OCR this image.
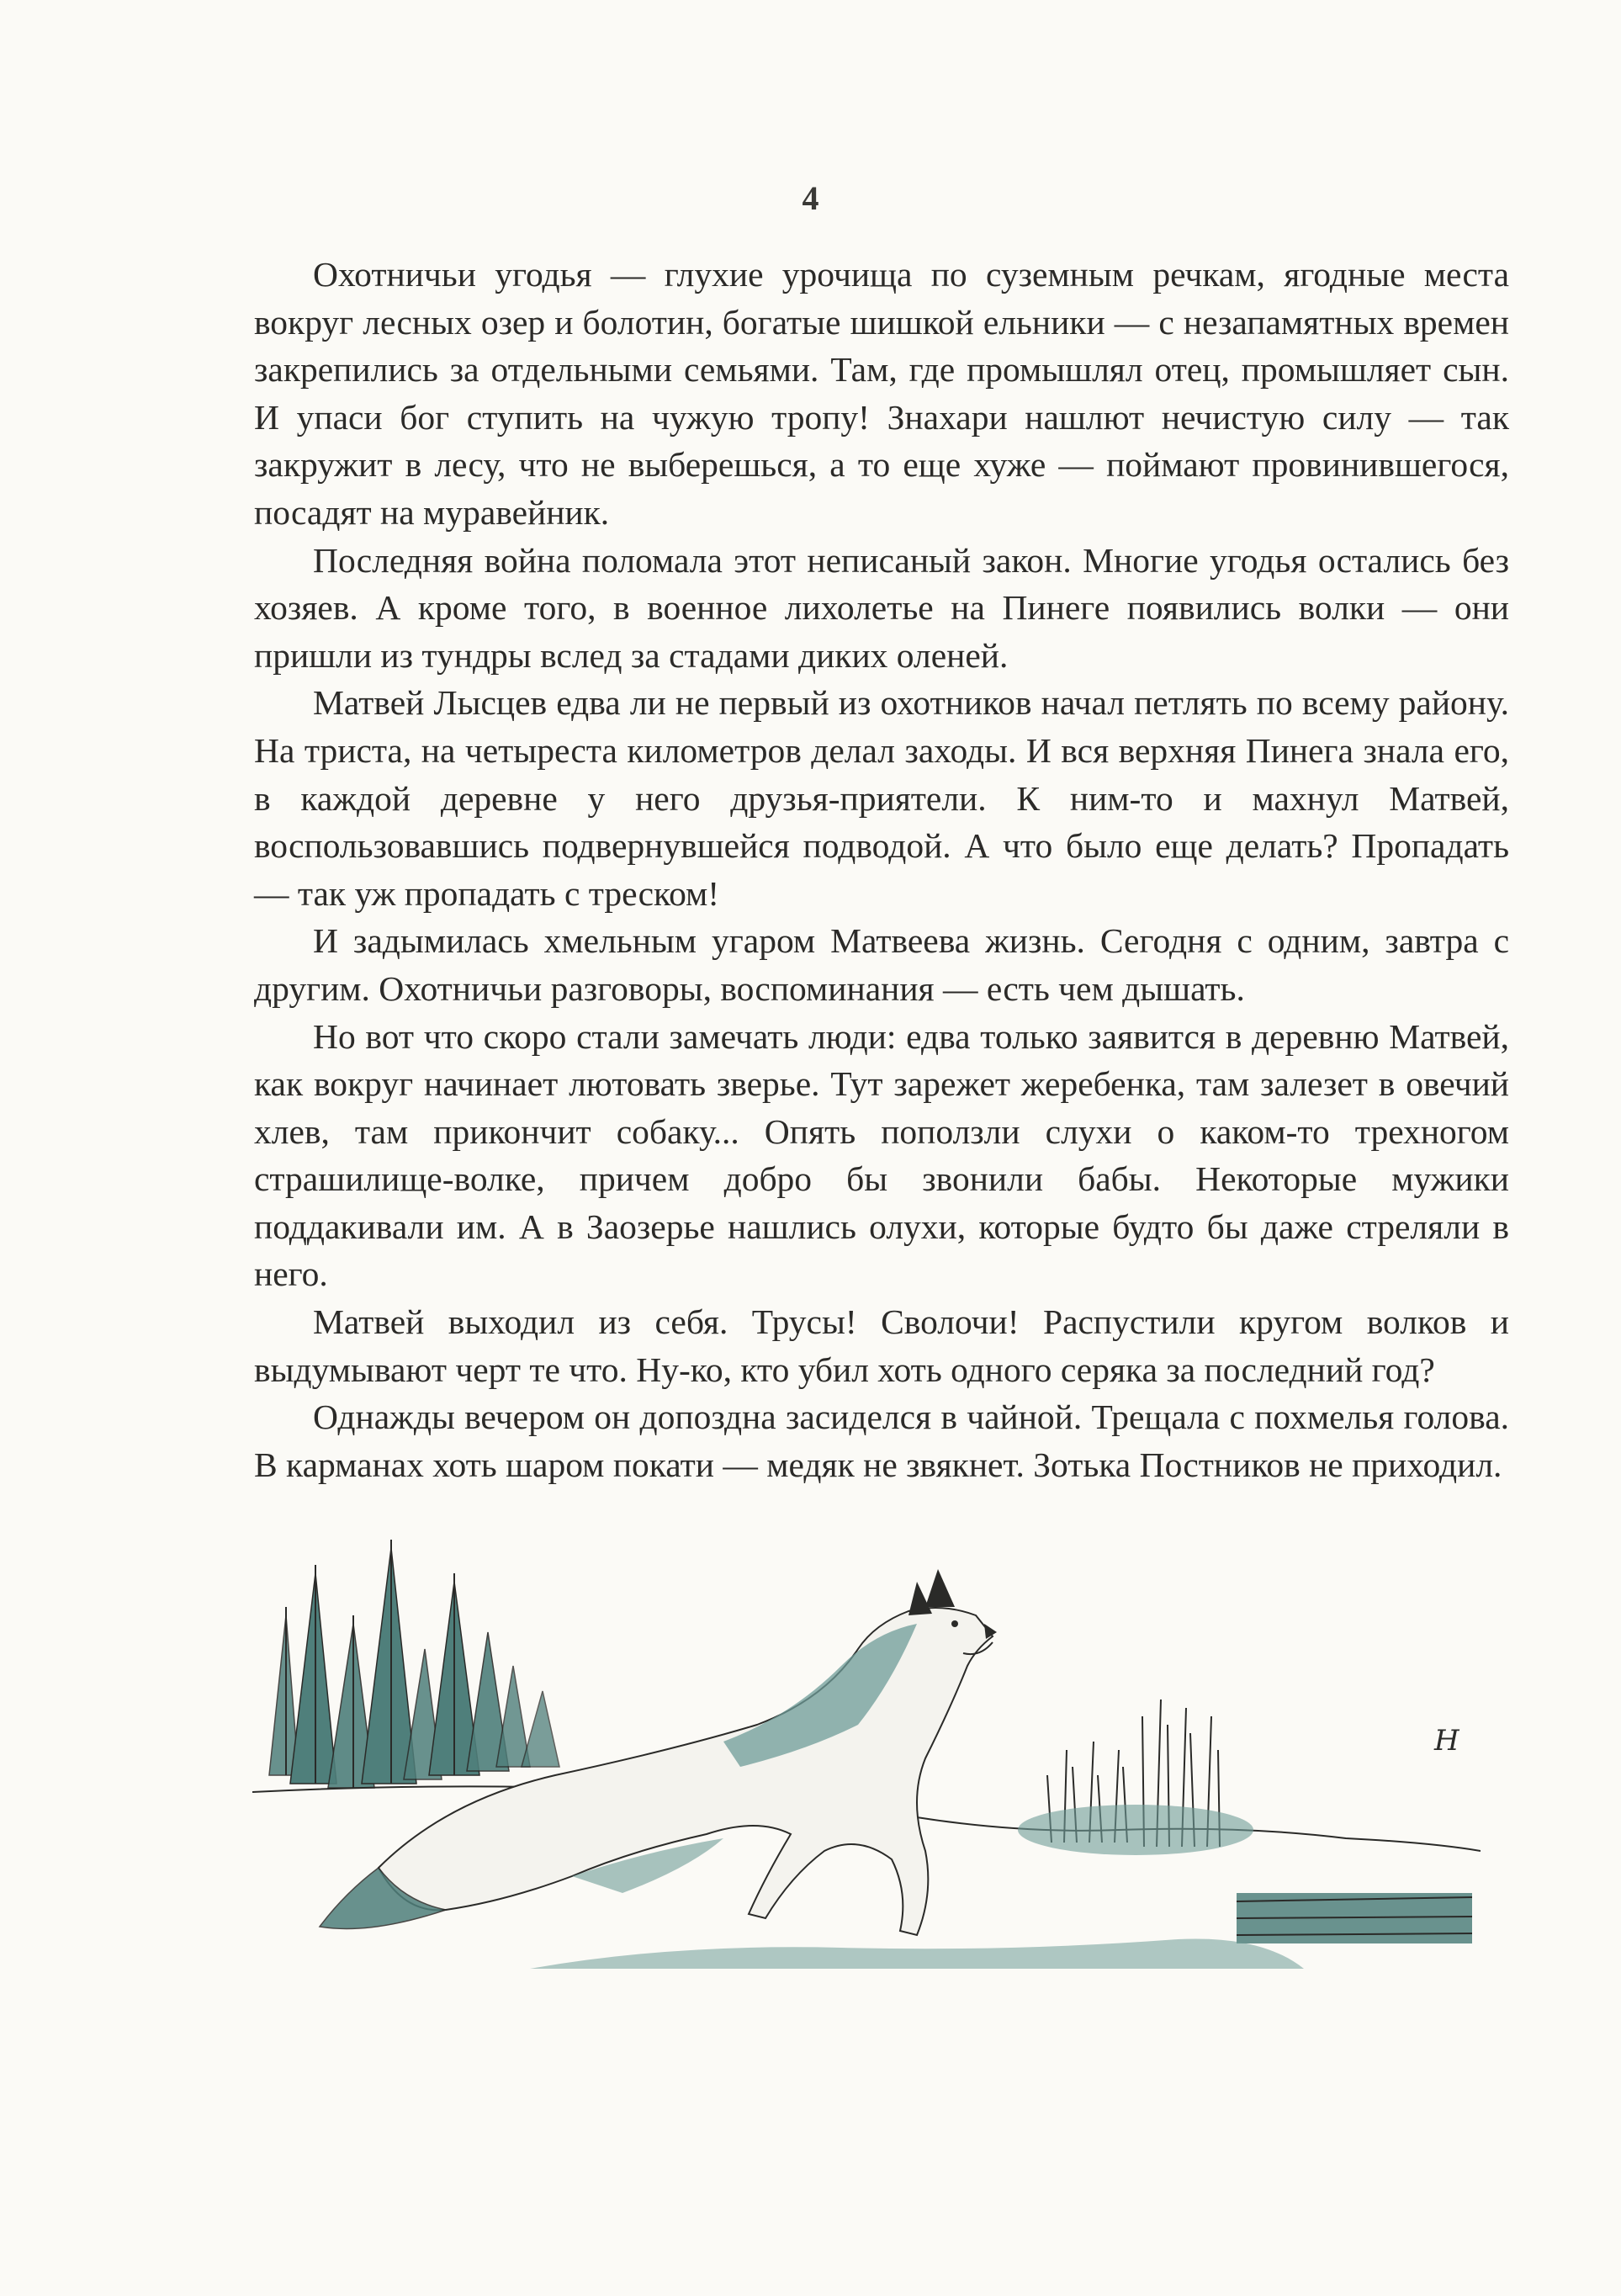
4

Охотничьи угодья — глухие урочища по суземным речкам, ягодные места вокруг лесных озер и болотин, богатые шишкой ельники — с незапамятных времен закрепились за отдельными семьями. Там, где промышлял отец, промышляет сын. И упаси бог ступить на чужую тропу! Знахари нашлют нечистую силу — так закружит в лесу, что не выберешься, а то еще хуже — поймают провинившегося, посадят на муравейник.

Последняя война поломала этот неписаный закон. Многие угодья остались без хозяев. А кроме того, в военное лихолетье на Пинеге появились волки — они пришли из тундры вслед за стадами диких оленей.

Матвей Лысцев едва ли не первый из охотников начал петлять по всему району. На триста, на четыреста километров делал заходы. И вся верхняя Пинега знала его, в каждой деревне у него друзья-приятели. К ним-то и махнул Матвей, воспользовавшись подвернувшейся подводой. А что было еще делать? Пропадать — так уж пропадать с треском!

И задымилась хмельным угаром Матвеева жизнь. Сегодня с одним, завтра с другим. Охотничьи разговоры, воспоминания — есть чем дышать.

Но вот что скоро стали замечать люди: едва только заявится в деревню Матвей, как вокруг начинает лютовать зверье. Тут зарежет жеребенка, там залезет в овечий хлев, там прикончит собаку... Опять поползли слухи о каком-то трехногом страшилище-волке, причем добро бы звонили бабы. Некоторые мужики поддакивали им. А в Заозерье нашлись олухи, которые будто бы даже стреляли в него.

Матвей выходил из себя. Трусы! Сволочи! Распустили кругом волков и выдумывают черт те что. Ну-ко, кто убил хоть одного серяка за последний год?

Однажды вечером он допоздна засиделся в чайной. Трещала с похмелья голова. В карманах хоть шаром покати — медяк не звякнет. Зотька Постников не приходил.

Н
